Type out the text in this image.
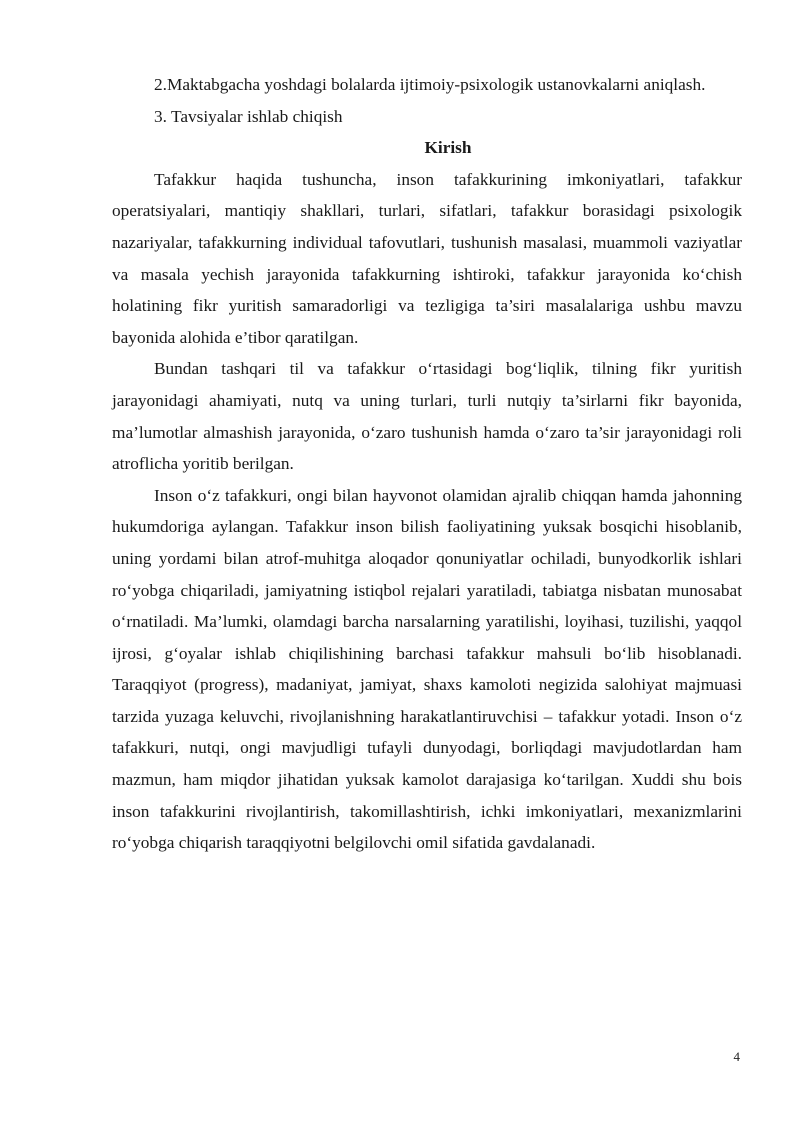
2.Maktabgacha yoshdagi bolalarda ijtimoiy-psixologik ustanovkalarni aniqlash.

3. Tavsiyalar ishlab chiqish

Kirish

Tafakkur haqida tushuncha, inson tafakkurining imkoniyatlari, tafakkur operatsiyalari, mantiqiy shakllari, turlari, sifatlari, tafakkur borasidagi psixologik nazariyalar, tafakkurning individual tafovutlari, tushunish masalasi, muammoli vaziyatlar va masala yechish jarayonida tafakkurning ishtiroki, tafakkur jarayonida ko‘chish holatining fikr yuritish samaradorligi va tezligiga ta’siri masalalariga ushbu mavzu bayonida alohida e’tibor qaratilgan.

Bundan tashqari til va tafakkur o‘rtasidagi bog‘liqlik, tilning fikr yuritish jarayonidagi ahamiyati, nutq va uning turlari, turli nutqiy ta’sirlarni fikr bayonida, ma’lumotlar almashish jarayonida, o‘zaro tushunish hamda o‘zaro ta’sir jarayonidagi roli atroflicha yoritib berilgan.

Inson o‘z tafakkuri, ongi bilan hayvonot olamidan ajralib chiqqan hamda jahonning hukumdoriga aylangan. Tafakkur inson bilish faoliyatining yuksak bosqichi hisoblanib, uning yordami bilan atrof-muhitga aloqador qonuniyatlar ochiladi, bunyodkorlik ishlari ro‘yobga chiqariladi, jamiyatning istiqbol rejalari yaratiladi, tabiatga nisbatan munosabat o‘rnatiladi. Ma’lumki, olamdagi barcha narsalarning yaratilishi, loyihasi, tuzilishi, yaqqol ijrosi, g‘oyalar ishlab chiqilishining barchasi tafakkur mahsuli bo‘lib hisoblanadi. Taraqqiyot (progress), madaniyat, jamiyat, shaxs kamoloti negizida salohiyat majmuasi tarzida yuzaga keluvchi, rivojlanishning harakatlantiruvchisi – tafakkur yotadi. Inson o‘z tafakkuri, nutqi, ongi mavjudligi tufayli dunyodagi, borliqdagi mavjudotlardan ham mazmun, ham miqdor jihatidan yuksak kamolot darajasiga ko‘tarilgan. Xuddi shu bois inson tafakkurini rivojlantirish, takomillashtirish, ichki imkoniyatlari, mexanizmlarini ro‘yobga chiqarish taraqqiyotni belgilovchi omil sifatida gavdalanadi.

4
